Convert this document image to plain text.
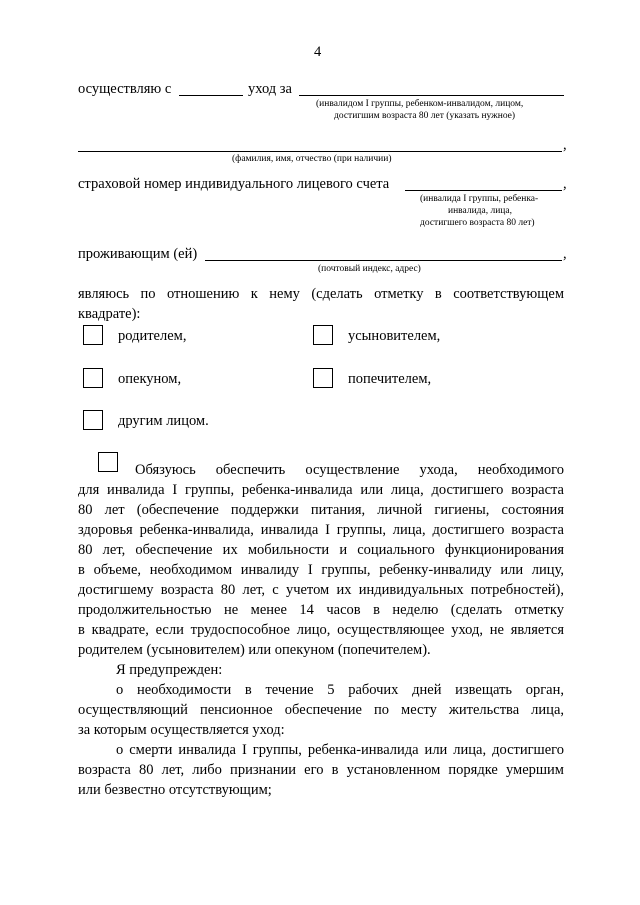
4
осуществляю с	уход за
(инвалидом I группы, ребенком-инвалидом, лицом,
достигшим возраста 80 лет (указать нужное)
,
(фамилия, имя, отчество (при наличии)
страховой номер индивидуального лицевого счета	,
(инвалида I группы, ребенка-
инвалида, лица,
достигшего возраста 80 лет)
проживающим (ей)	,
(почтовый индекс, адрес)
являюсь по отношению к нему (сделать отметку в соответствующем
квадрате):
родителем,	усыновителем,
опекуном,	попечителем,
другим лицом.
Обязуюсь обеспечить осуществление ухода, необходимого
для инвалида I группы, ребенка-инвалида или лица, достигшего возраста
80 лет (обеспечение поддержки питания, личной гигиены, состояния
здоровья ребенка-инвалида, инвалида I группы, лица, достигшего возраста
80 лет, обеспечение их мобильности и социального функционирования
в объеме, необходимом инвалиду I группы, ребенку-инвалиду или лицу,
достигшему возраста 80 лет, с учетом их индивидуальных потребностей),
продолжительностью не менее 14 часов в неделю (сделать отметку
в квадрате, если трудоспособное лицо, осуществляющее уход, не является
родителем (усыновителем) или опекуном (попечителем).
Я предупрежден:
о необходимости в течение 5 рабочих дней извещать орган,
осуществляющий пенсионное обеспечение по месту жительства лица,
за которым осуществляется уход:
о смерти инвалида I группы, ребенка-инвалида или лица, достигшего
возраста 80 лет, либо признании его в установленном порядке умершим
или безвестно отсутствующим;
